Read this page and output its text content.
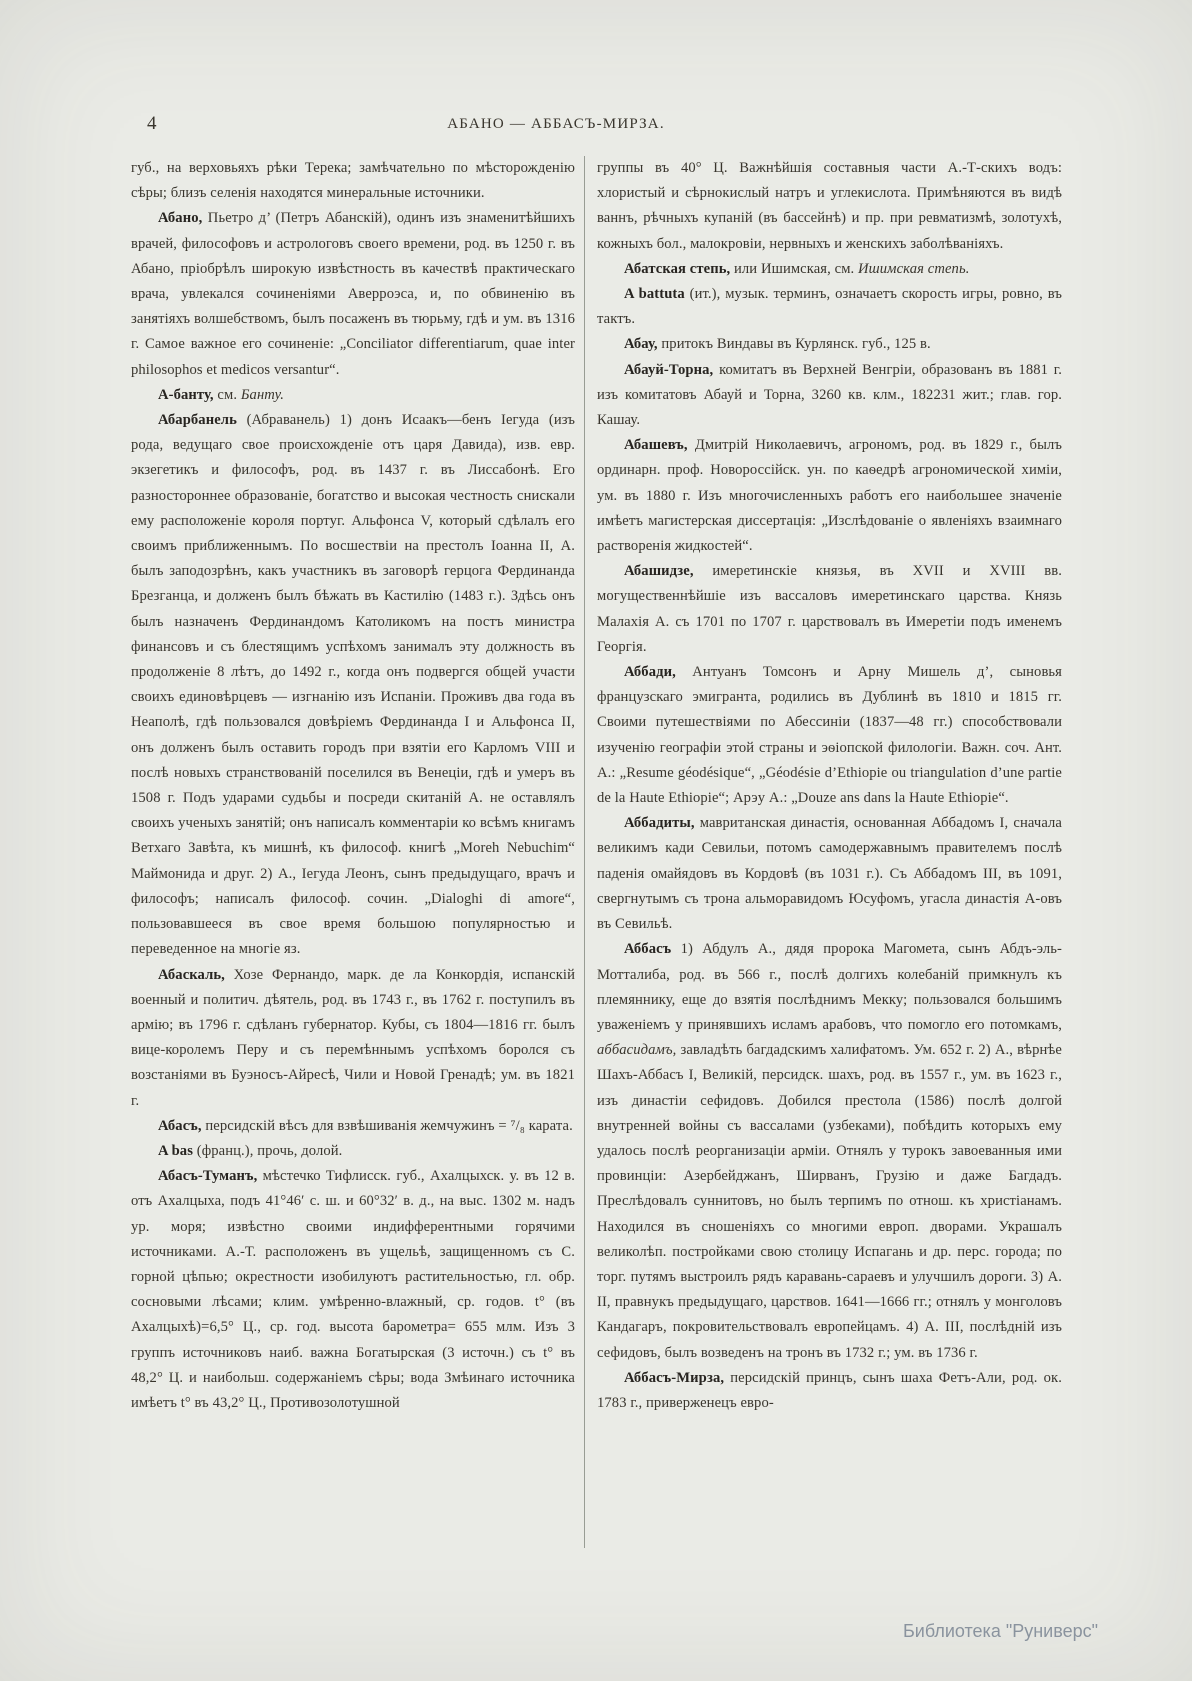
4	АБАНО — АББАСЪ-МИРЗА.

губ., на верховьяхъ рѣки Терека; замѣчательно по мѣсторожденію сѣры; близъ селенія находятся минеральные источники.

Абано, Пьетро д’ (Петръ Абанскій), одинъ изъ знаменитѣйшихъ врачей, философовъ и астрологовъ своего времени, род. въ 1250 г. въ Абано, пріобрѣлъ широкую извѣстность въ качествѣ практическаго врача, увлекался сочиненіями Аверроэса, и, по обвиненію въ занятіяхъ волшебствомъ, былъ посаженъ въ тюрьму, гдѣ и ум. въ 1316 г. Самое важное его сочиненіе: „Conciliator differentiarum, quae inter philosophos et medicos versantur“.

А-банту, см. Банту.

Абарбанель (Абраванель) 1) донъ Исаакъ—бенъ Іегуда (изъ рода, ведущаго свое происхожденіе отъ царя Давида), изв. евр. экзегетикъ и философъ, род. въ 1437 г. въ Лиссабонѣ. Его разностороннее образованіе, богатство и высокая честность снискали ему расположеніе короля португ. Альфонса V, который сдѣлалъ его своимъ приближеннымъ. По восшествіи на престолъ Іоанна II, А. былъ заподозрѣнъ, какъ участникъ въ заговорѣ герцога Фердинанда Брезганца, и долженъ былъ бѣжать въ Кастилію (1483 г.). Здѣсь онъ былъ назначенъ Фердинандомъ Католикомъ на постъ министра финансовъ и съ блестящимъ успѣхомъ занималъ эту должность въ продолженіе 8 лѣтъ, до 1492 г., когда онъ подвергся общей участи своихъ единовѣрцевъ — изгнанію изъ Испаніи. Проживъ два года въ Неаполѣ, гдѣ пользовался довѣріемъ Фердинанда I и Альфонса II, онъ долженъ былъ оставить городъ при взятіи его Карломъ VIII и послѣ новыхъ странствованій поселился въ Венеціи, гдѣ и умеръ въ 1508 г. Подъ ударами судьбы и посреди скитаній А. не оставлялъ своихъ ученыхъ занятій; онъ написалъ комментаріи ко всѣмъ книгамъ Ветхаго Завѣта, къ мишнѣ, къ философ. книгѣ „Moreh Nebuchim“ Маймонида и друг. 2) А., Іегуда Леонъ, сынъ предыдущаго, врачъ и философъ; написалъ философ. сочин. „Dialoghi di amore“, пользовавшееся въ свое время большою популярностью и переведенное на многіе яз.

Абаскаль, Хозе Фернандо, марк. де ла Конкордія, испанскій военный и политич. дѣятель, род. въ 1743 г., въ 1762 г. поступилъ въ армію; въ 1796 г. сдѣланъ губернатор. Кубы, съ 1804—1816 гг. былъ вице-королемъ Перу и съ перемѣннымъ успѣхомъ боролся съ возстаніями въ Буэносъ-Айресѣ, Чили и Новой Гренадѣ; ум. въ 1821 г.

Абасъ, персидскій вѣсъ для взвѣшиванія жемчужинъ = ⁷/₈ карата.

A bas (франц.), прочь, долой.

Абасъ-Туманъ, мѣстечко Тифлисск. губ., Ахалцыхск. у. въ 12 в. отъ Ахалцыха, подъ 41°46′ с. ш. и 60°32′ в. д., на выс. 1302 м. надъ ур. моря; извѣстно своими индифферентными горячими источниками. А.-Т. расположенъ въ ущельѣ, защищенномъ съ С. горной цѣпью; окрестности изобилуютъ растительностью, гл. обр. сосновыми лѣсами; клим. умѣренно-влажный, ср. годов. t° (въ Ахалцыхѣ)=6,5° Ц., ср. год. высота барометра= 655 млм. Изъ 3 группъ источниковъ наиб. важна Богатырская (3 источн.) съ t° въ 48,2° Ц. и наибольш. содержаніемъ сѣры; вода Змѣинаго источника имѣетъ t° въ 43,2° Ц., Противозолотушной

группы въ 40° Ц. Важнѣйшія составныя части А.-Т-скихъ водъ: хлористый и сѣрнокислый натръ и углекислота. Примѣняются въ видѣ ваннъ, рѣчныхъ купаній (въ бассейнѣ) и пр. при ревматизмѣ, золотухѣ, кожныхъ бол., малокровіи, нервныхъ и женскихъ заболѣваніяхъ.

Абатская степь, или Ишимская, см. Ишимская степь.

A battuta (ит.), музык. терминъ, означаетъ скорость игры, ровно, въ тактъ.

Абау, притокъ Виндавы въ Курлянск. губ., 125 в.

Абауй-Торна, комитатъ въ Верхней Венгріи, образованъ въ 1881 г. изъ комитатовъ Абауй и Торна, 3260 кв. клм., 182231 жит.; глав. гор. Кашау.

Абашевъ, Дмитрій Николаевичъ, агрономъ, род. въ 1829 г., былъ ординарн. проф. Новороссійск. ун. по каѳедрѣ агрономической химіи, ум. въ 1880 г. Изъ многочисленныхъ работъ его наибольшее значеніе имѣетъ магистерская диссертація: „Изслѣдованіе о явленіяхъ взаимнаго растворенія жидкостей“.

Абашидзе, имеретинскіе князья, въ XVII и XVIII вв. могущественнѣйшіе изъ вассаловъ имеретинскаго царства. Князь Малахія А. съ 1701 по 1707 г. царствовалъ въ Имеретіи подъ именемъ Георгія.

Аббади, Антуанъ Томсонъ и Арну Мишель д’, сыновья французскаго эмигранта, родились въ Дублинѣ въ 1810 и 1815 гг. Своими путешествіями по Абессиніи (1837—48 гг.) способствовали изученію географіи этой страны и эѳіопской филологіи. Важн. соч. Ант. А.: „Resume géodésique“, „Géodésie d’Ethiopie ou triangulation d’une partie de la Haute Ethiopie“; Арэу А.: „Douze ans dans la Haute Ethiopie“.

Аббадиты, мавританская династія, основанная Аббадомъ I, сначала великимъ кади Севильи, потомъ самодержавнымъ правителемъ послѣ паденія омайядовъ въ Кордовѣ (въ 1031 г.). Съ Аббадомъ III, въ 1091, свергнутымъ съ трона альморавидомъ Юсуфомъ, угасла династія А-овъ въ Севильѣ.

Аббасъ 1) Абдулъ А., дядя пророка Магомета, сынъ Абдъ-эль-Мотталиба, род. въ 566 г., послѣ долгихъ колебаній примкнулъ къ племяннику, еще до взятія послѣднимъ Мекку; пользовался большимъ уваженіемъ у принявшихъ исламъ арабовъ, что помогло его потомкамъ, аббасидамъ, завладѣть багдадскимъ халифатомъ. Ум. 652 г. 2) А., вѣрнѣе Шахъ-Аббасъ I, Великій, персидск. шахъ, род. въ 1557 г., ум. въ 1623 г., изъ династіи сефидовъ. Добился престола (1586) послѣ долгой внутренней войны съ вассалами (узбеками), побѣдить которыхъ ему удалось послѣ реорганизаціи арміи. Отнялъ у турокъ завоеванныя ими провинціи: Азербейджанъ, Ширванъ, Грузію и даже Багдадъ. Преслѣдовалъ суннитовъ, но былъ терпимъ по отнош. къ христіанамъ. Находился въ сношеніяхъ со многими европ. дворами. Украшалъ великолѣп. постройками свою столицу Испагань и др. перс. города; по торг. путямъ выстроилъ рядъ каравань-сараевъ и улучшилъ дороги. 3) А. II, правнукъ предыдущаго, царствов. 1641—1666 гг.; отнялъ у монголовъ Кандагаръ, покровительствовалъ европейцамъ. 4) А. III, послѣдній изъ сефидовъ, былъ возведенъ на тронъ въ 1732 г.; ум. въ 1736 г.

Аббасъ-Мирза, персидскій принцъ, сынъ шаха Фетъ-Али, род. ок. 1783 г., приверженецъ евро-

Библиотека "Руниверс"
